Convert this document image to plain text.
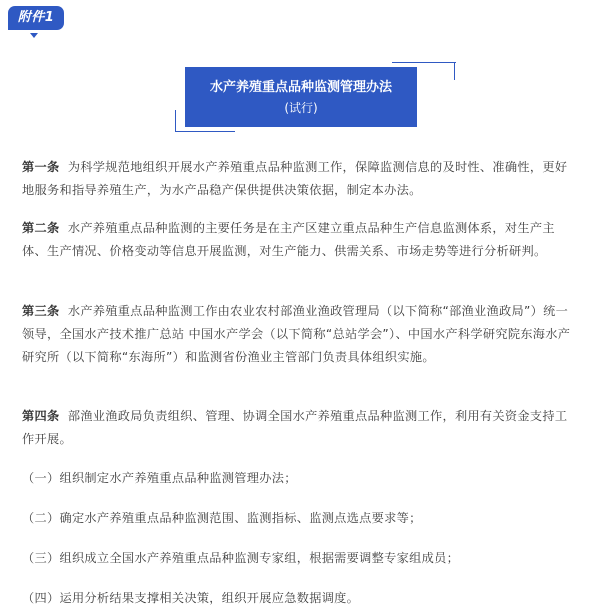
附件1
水产养殖重点品种监测管理办法
(试行)

第一条 为科学规范地组织开展水产养殖重点品种监测工作，保障监测信息的及时性、准确性，更好地服务和指导养殖生产，为水产品稳产保供提供决策依据，制定本办法。

第二条 水产养殖重点品种监测的主要任务是在主产区建立重点品种生产信息监测体系，对生产主体、生产情况、价格变动等信息开展监测，对生产能力、供需关系、市场走势等进行分析研判。

第三条 水产养殖重点品种监测工作由农业农村部渔业渔政管理局（以下简称“部渔业渔政局”）统一领导，全国水产技术推广总站 中国水产学会（以下简称“总站学会”）、中国水产科学研究院东海水产研究所（以下简称“东海所”）和监测省份渔业主管部门负责具体组织实施。

第四条 部渔业渔政局负责组织、管理、协调全国水产养殖重点品种监测工作，利用有关资金支持工作开展。

（一）组织制定水产养殖重点品种监测管理办法；

（二）确定水产养殖重点品种监测范围、监测指标、监测点选点要求等；

（三）组织成立全国水产养殖重点品种监测专家组，根据需要调整专家组成员；

（四）运用分析结果支撑相关决策，组织开展应急数据调度。
